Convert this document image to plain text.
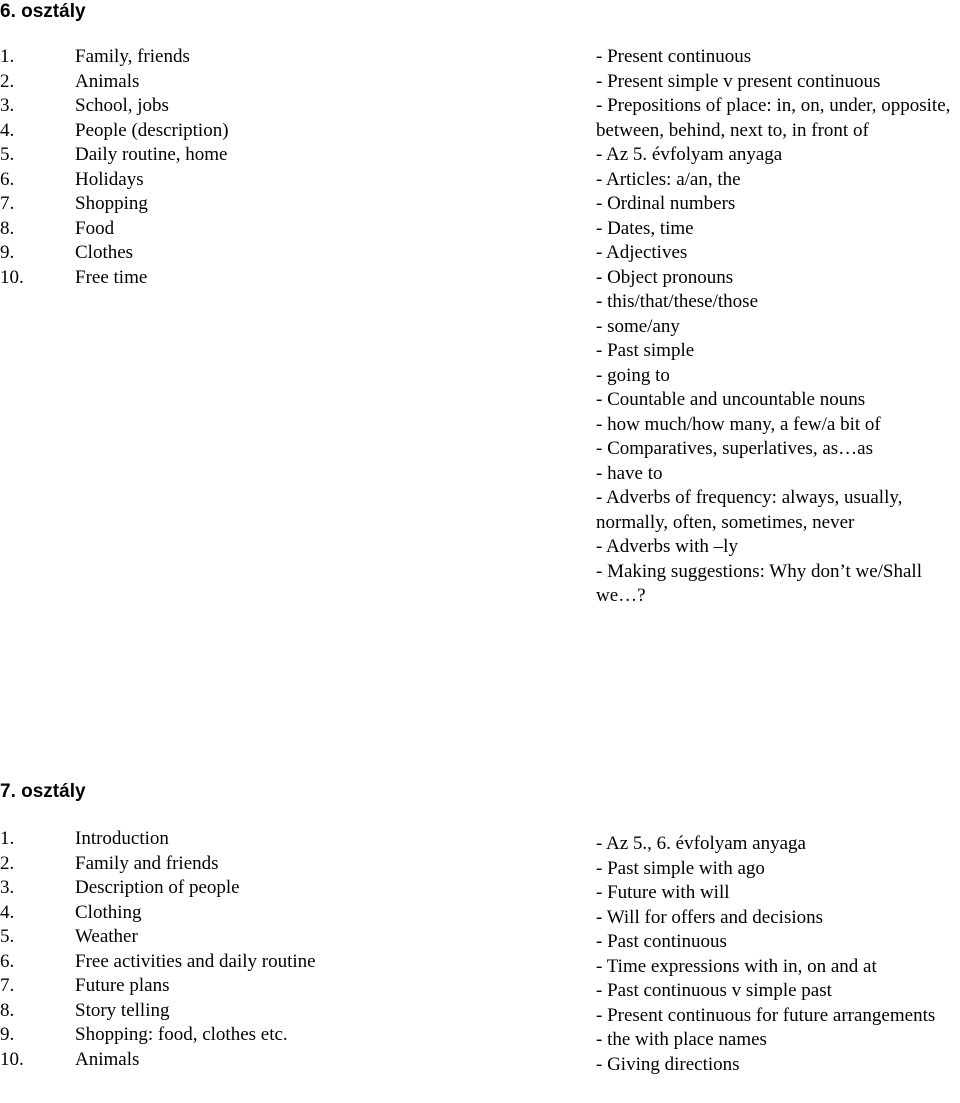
6. osztály
1.	Family, friends
2.	Animals
3.	School, jobs
4.	People (description)
5.	Daily routine, home
6.	Holidays
7.	Shopping
8.	Food
9.	Clothes
10.	Free time
- Present continuous
- Present simple v present continuous
- Prepositions of place: in, on, under, opposite, between, behind, next to, in front of
- Az 5. évfolyam anyaga
- Articles: a/an, the
- Ordinal numbers
- Dates, time
- Adjectives
- Object pronouns
- this/that/these/those
- some/any
- Past simple
- going to
- Countable and uncountable nouns
- how much/how many, a few/a bit of
- Comparatives, superlatives, as…as
- have to
- Adverbs of frequency: always, usually, normally, often, sometimes, never
- Adverbs with –ly
- Making suggestions: Why don’t we/Shall we…?
7. osztály
1.	Introduction
2.	Family and friends
3.	Description of people
4.	Clothing
5.	Weather
6.	Free activities and daily routine
7.	Future plans
8.	Story telling
9.	Shopping: food, clothes etc.
10.	Animals
- Az 5., 6. évfolyam anyaga
- Past simple with ago
- Future with will
- Will for offers and decisions
- Past continuous
- Time expressions with in, on and at
- Past continuous v simple past
- Present continuous for future arrangements
- the with place names
- Giving directions
